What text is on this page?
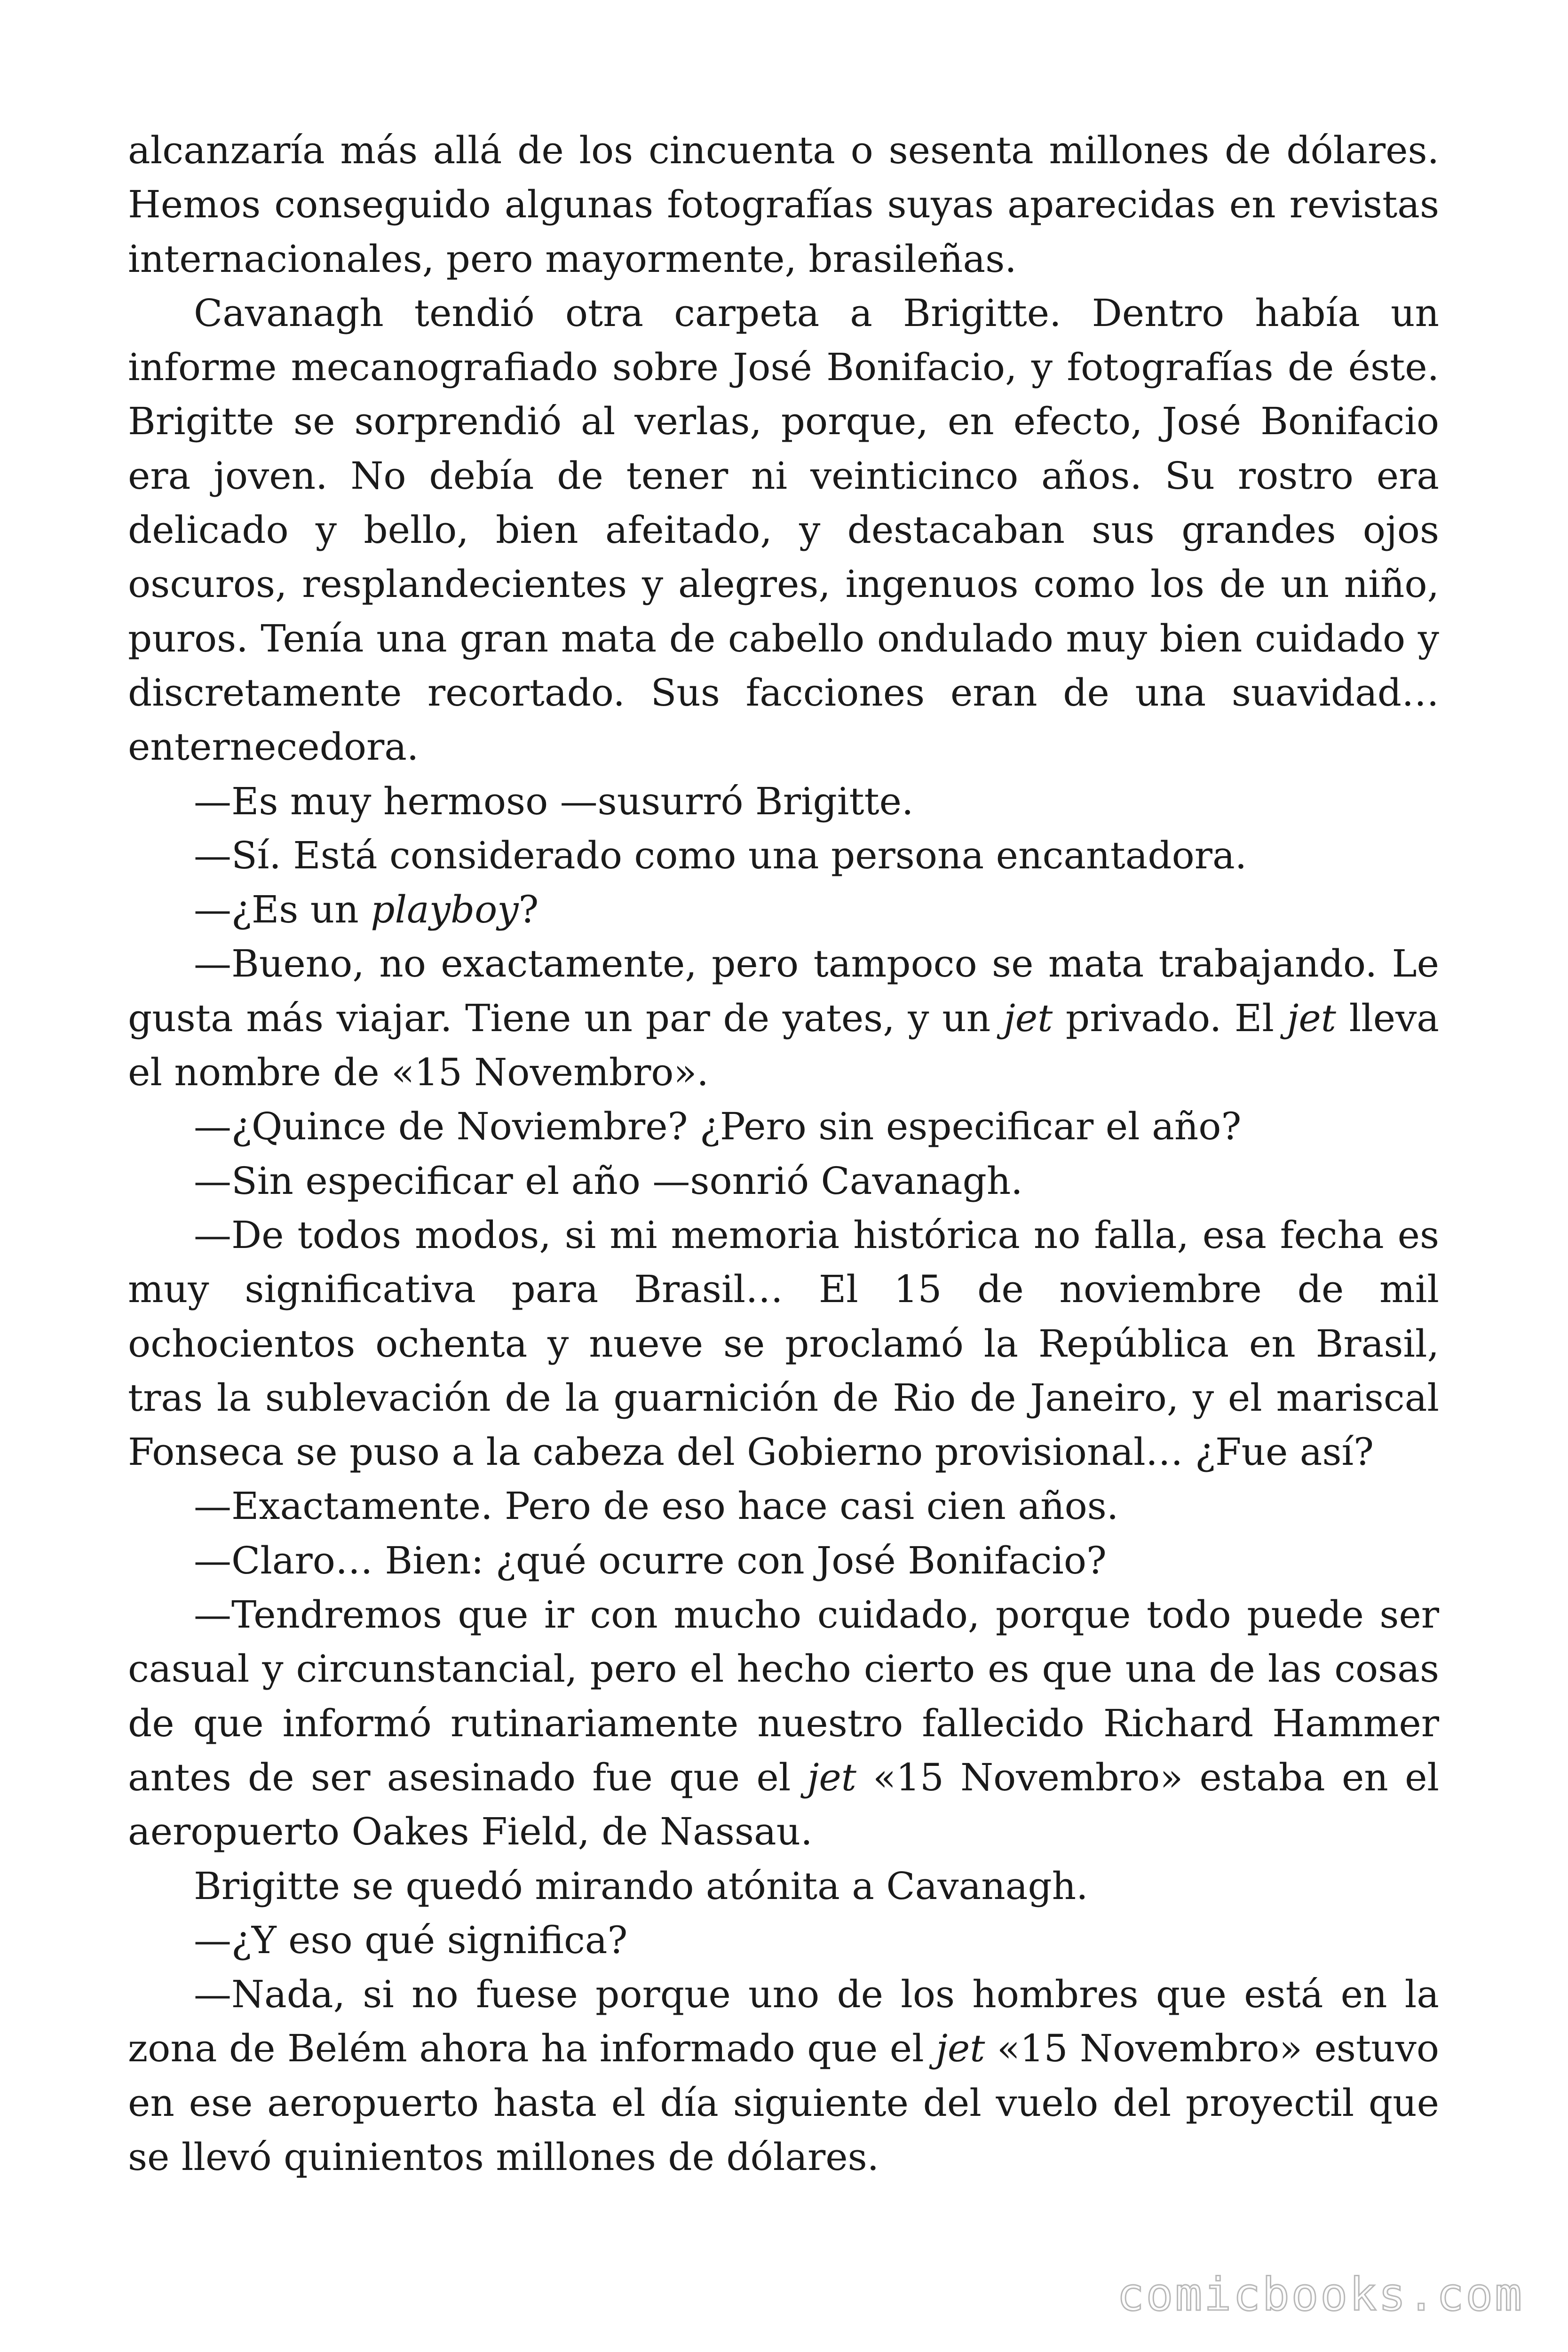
alcanzaría más allá de los cincuenta o sesenta millones de dólares. Hemos conseguido algunas fotografías suyas aparecidas en revistas internacionales, pero mayormente, brasileñas.

Cavanagh tendió otra carpeta a Brigitte. Dentro había un informe mecanografiado sobre José Bonifacio, y fotografías de éste. Brigitte se sorprendió al verlas, porque, en efecto, José Bonifacio era joven. No debía de tener ni veinticinco años. Su rostro era delicado y bello, bien afeitado, y destacaban sus grandes ojos oscuros, resplandecientes y alegres, ingenuos como los de un niño, puros. Tenía una gran mata de cabello ondulado muy bien cuidado y discretamente recortado. Sus facciones eran de una suavidad… enternecedora.

—Es muy hermoso —susurró Brigitte.

—Sí. Está considerado como una persona encantadora.

—¿Es un playboy?

—Bueno, no exactamente, pero tampoco se mata trabajando. Le gusta más viajar. Tiene un par de yates, y un jet privado. El jet lleva el nombre de «15 Novembro».

—¿Quince de Noviembre? ¿Pero sin especificar el año?

—Sin especificar el año —sonrió Cavanagh.

—De todos modos, si mi memoria histórica no falla, esa fecha es muy significativa para Brasil… El 15 de noviembre de mil ochocientos ochenta y nueve se proclamó la República en Brasil, tras la sublevación de la guarnición de Rio de Janeiro, y el mariscal Fonseca se puso a la cabeza del Gobierno provisional… ¿Fue así?

—Exactamente. Pero de eso hace casi cien años.

—Claro… Bien: ¿qué ocurre con José Bonifacio?

—Tendremos que ir con mucho cuidado, porque todo puede ser casual y circunstancial, pero el hecho cierto es que una de las cosas de que informó rutinariamente nuestro fallecido Richard Hammer antes de ser asesinado fue que el jet «15 Novembro» estaba en el aeropuerto Oakes Field, de Nassau.

Brigitte se quedó mirando atónita a Cavanagh.

—¿Y eso qué significa?

—Nada, si no fuese porque uno de los hombres que está en la zona de Belém ahora ha informado que el jet «15 Novembro» estuvo en ese aeropuerto hasta el día siguiente del vuelo del proyectil que se llevó quinientos millones de dólares.

comicbooks.com
